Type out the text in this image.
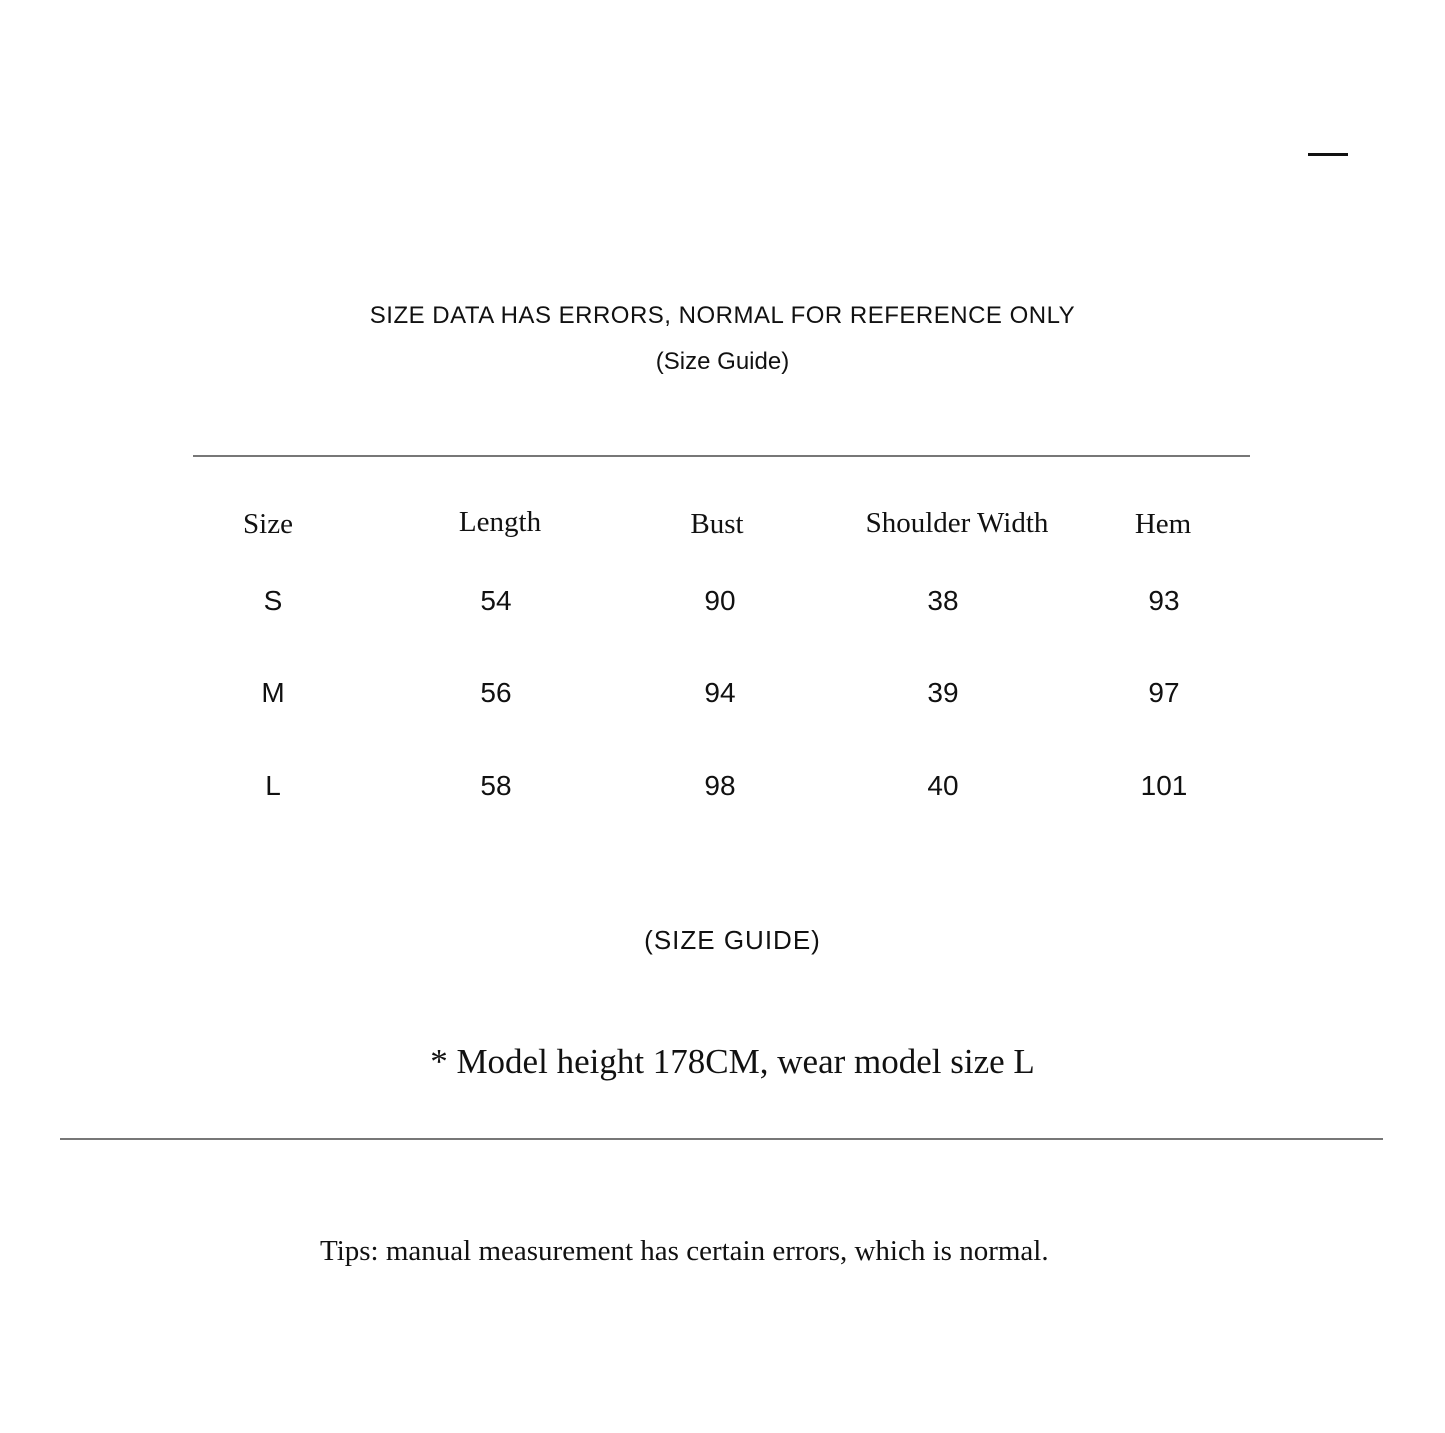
SIZE DATA HAS ERRORS, NORMAL FOR REFERENCE ONLY
(Size Guide)
Size	Length	Bust	Shoulder Width	Hem
S	54	90	38	93
M	56	94	39	97
L	58	98	40	101
(SIZE GUIDE)
* Model height 178CM, wear model size L
Tips: manual measurement has certain errors, which is normal.
